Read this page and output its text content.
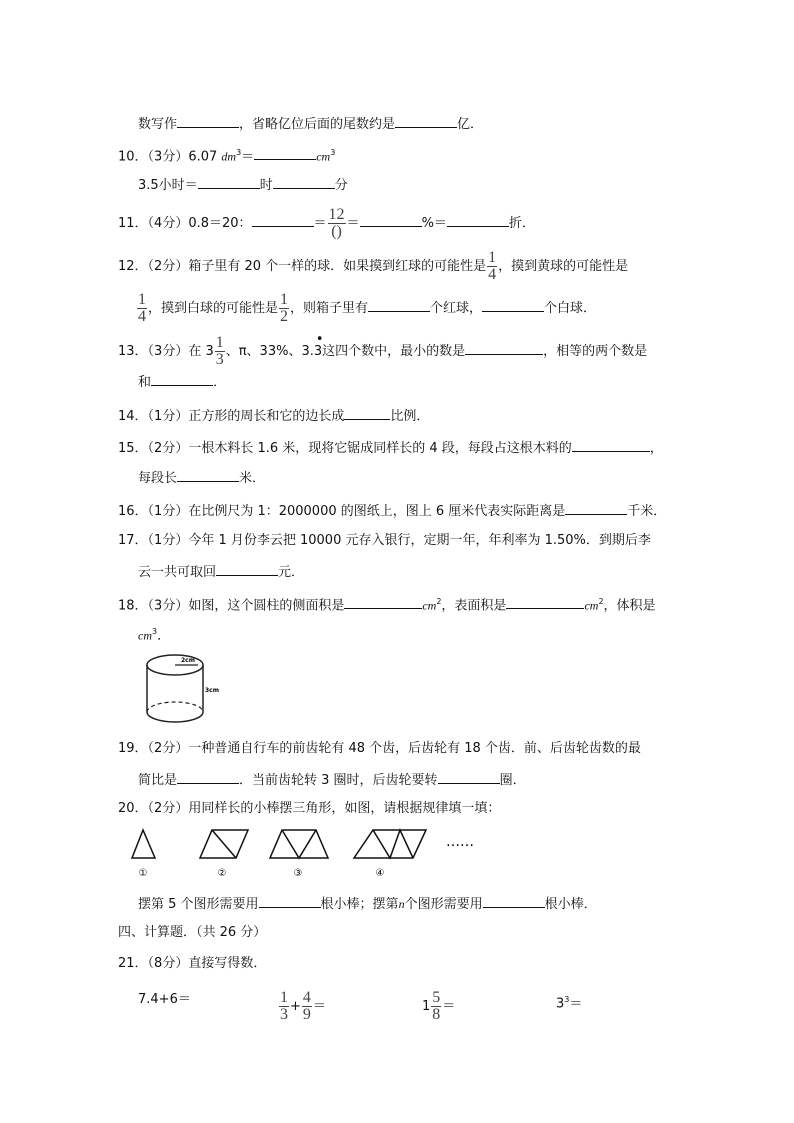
数写作	，省略亿位后面的尾数约是	亿．
10．（3分）6.07 $dm^3=$	$cm^3$
3.5小时＝	时	分
11．（4分）0.8＝20：	＝
12
() ＝	%＝	折．
12．（2分）箱子里有 20 个一样的球．如果摸到红球的可能性是 $\frac{1}{4}$ ，摸到黄球的可能性是
$\frac{1}{4}$ ，摸到白球的可能性是 $\frac{1}{2}$ ，则箱子里有	个红球，	个白球．
13．（3分）在 $3 \frac{1}{3}$ 、π、33%、3.
•
3这四个数中，最小的数是	，相等的两个数是
和	．
14．（1分）正方形的周长和它的边长成	比例．
15．（2分）一根木料长 1.6 米，现将它锯成同样长的 4 段，每段占这根木料的	，
每段长	米．
16．（1分）在比例尺为 1：2000000 的图纸上，图上 6 厘米代表实际距离是	千米．
17．（1分）今年 1 月份李云把 10000 元存入银行，定期一年，年利率为 1.50%．到期后李
云一共可取回	元．
18．（3分）如图，这个圆柱的侧面积是	$cm^2$，表面积是	$cm^2$，体积是
$cm^3$．
2cm
3cm
19．（2分）一种普通自行车的前齿轮有 48 个齿，后齿轮有 18 个齿．前、后齿轮齿数的最
简比是	．当前齿轮转 3 圈时，后齿轮要转	圈．
20．（2分）用同样长的小棒摆三角形，如图，请根据规律填一填：
①	②	③	④
……
摆第 5 个图形需要用	根小棒；摆第n个图形需要用	根小棒．
四、计算题．（共 26 分）
21．（8分）直接写得数．
7.4+6＝	$\frac{1}{3} + \frac{4}{9}$ ＝	$1 \frac{5}{8}$ ＝	$3^3=$
